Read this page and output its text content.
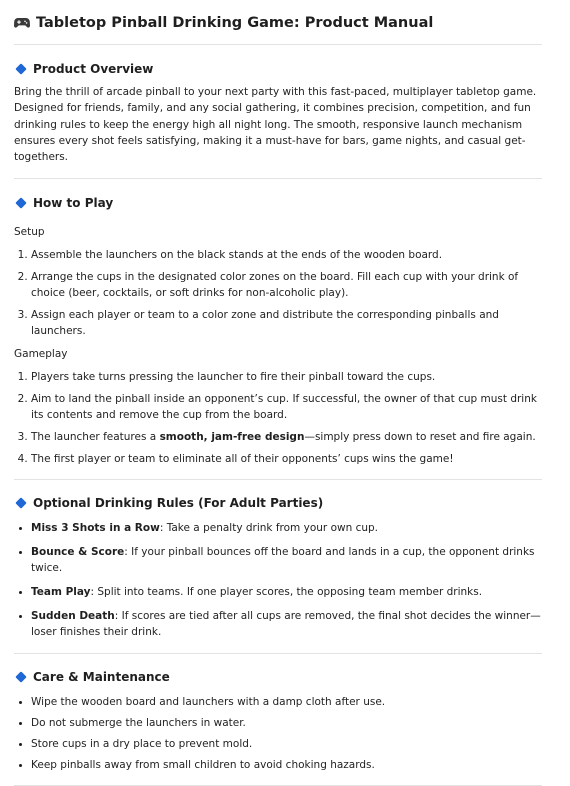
Tabletop Pinball Drinking Game: Product Manual
Product Overview

Bring the thrill of arcade pinball to your next party with this fast-paced, multiplayer tabletop game. Designed for friends, family, and any social gathering, it combines precision, competition, and fun drinking rules to keep the energy high all night long. The smooth, responsive launch mechanism ensures every shot feels satisfying, making it a must-have for bars, game nights, and casual get-togethers.

How to Play
Setup
1. Assemble the launchers on the black stands at the ends of the wooden board.
2. Arrange the cups in the designated color zones on the board. Fill each cup with your drink of choice (beer, cocktails, or soft drinks for non-alcoholic play).
3. Assign each player or team to a color zone and distribute the corresponding pinballs and launchers.
Gameplay
1. Players take turns pressing the launcher to fire their pinball toward the cups.
2. Aim to land the pinball inside an opponent’s cup. If successful, the owner of that cup must drink its contents and remove the cup from the board.
3. The launcher features a smooth, jam-free design—simply press down to reset and fire again.
4. The first player or team to eliminate all of their opponents’ cups wins the game!
Optional Drinking Rules (For Adult Parties)
• Miss 3 Shots in a Row: Take a penalty drink from your own cup.
• Bounce & Score: If your pinball bounces off the board and lands in a cup, the opponent drinks twice.
• Team Play: Split into teams. If one player scores, the opposing team member drinks.
• Sudden Death: If scores are tied after all cups are removed, the final shot decides the winner—loser finishes their drink.
Care & Maintenance
• Wipe the wooden board and launchers with a damp cloth after use.
• Do not submerge the launchers in water.
• Store cups in a dry place to prevent mold.
• Keep pinballs away from small children to avoid choking hazards.
